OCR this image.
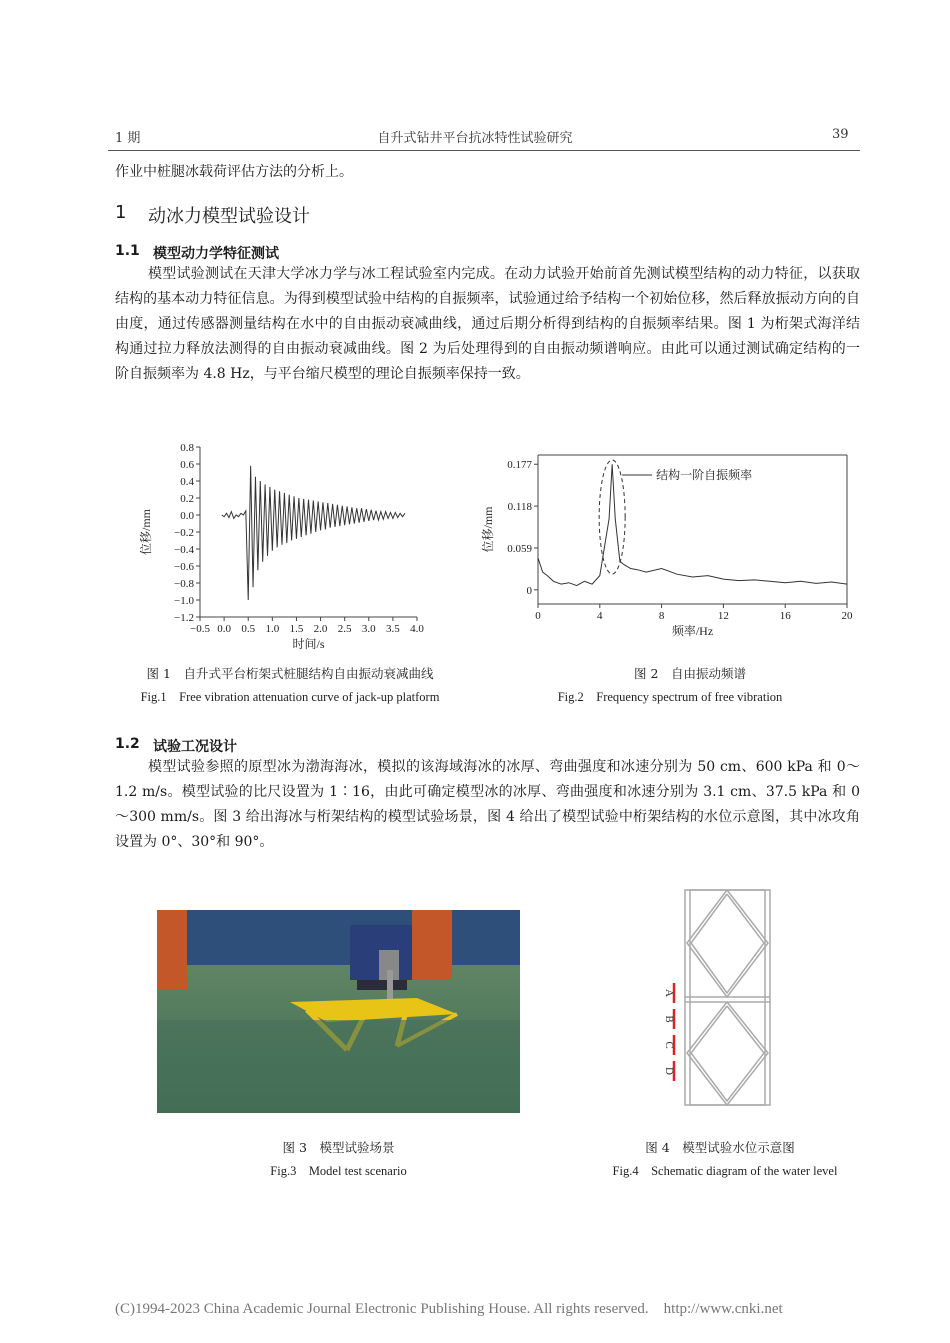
1 期	自升式钻井平台抗冰特性试验研究	39
作业中桩腿冰载荷评估方法的分析上。
1 动冰力模型试验设计
1.1 模型动力学特征测试
模型试验测试在天津大学冰力学与冰工程试验室内完成。在动力试验开始前首先测试模型结构的动力特征，以获取结构的基本动力特征信息。为得到模型试验中结构的自振频率，试验通过给予结构一个初始位移，然后释放振动方向的自由度，通过传感器测量结构在水中的自由振动衰减曲线，通过后期分析得到结构的自振频率结果。图 1 为桁架式海洋结构通过拉力释放法测得的自由振动衰减曲线。图 2 为后处理得到的自由振动频谱响应。由此可以通过测试确定结构的一阶自振频率为 4.8 Hz，与平台缩尺模型的理论自振频率保持一致。
−0.5 0.0 0.5 1.0 1.5 2.0 2.5 3.0 3.5 4.0
0.8
0.6
0.4
0.2
0.0
−0.2
−0.4
−0.6
−0.8
−1.0
−1.2
时间/s
位移/mm
0	4	8	12	16	20
0.177
0.118
0.059
0
频率/Hz
位移/mm
结构一阶自振频率
图 1　自升式平台桁架式桩腿结构自由振动衰减曲线
Fig.1　Free vibration attenuation curve of jack-up platform
图 2　自由振动频谱
Fig.2　Frequency spectrum of free vibration
1.2 试验工况设计
模型试验参照的原型冰为渤海海冰，模拟的该海域海冰的冰厚、弯曲强度和冰速分别为 50 cm、600 kPa 和 0～1.2 m/s。模型试验的比尺设置为 1∶16，由此可确定模型冰的冰厚、弯曲强度和冰速分别为 3.1 cm、37.5 kPa 和 0～300 mm/s。图 3 给出海冰与桁架结构的模型试验场景，图 4 给出了模型试验中桁架结构的水位示意图，其中冰攻角设置为 0°、30°和 90°。
图 3　模型试验场景
Fig.3　Model test scenario
A
B
C
D
图 4　模型试验水位示意图
Fig.4　Schematic diagram of the water level
(C)1994-2023 China Academic Journal Electronic Publishing House. All rights reserved.　http://www.cnki.net
